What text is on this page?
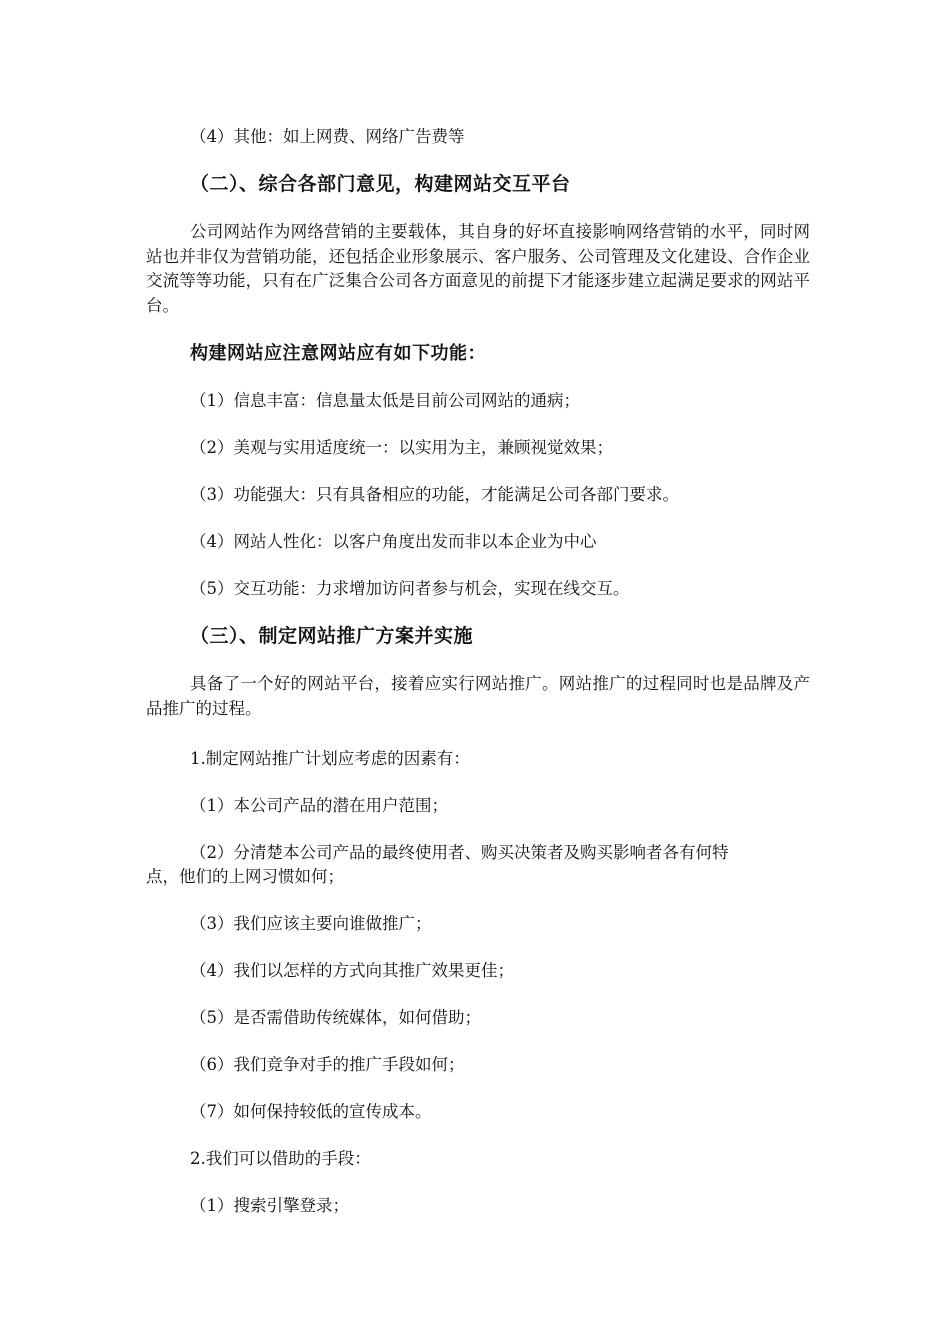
（4）其他：如上网费、网络广告费等
（二）、综合各部门意见，构建网站交互平台
公司网站作为网络营销的主要载体，其自身的好坏直接影响网络营销的水平，同时网站也并非仅为营销功能，还包括企业形象展示、客户服务、公司管理及文化建设、合作企业交流等等功能，只有在广泛集合公司各方面意见的前提下才能逐步建立起满足要求的网站平台。
构建网站应注意网站应有如下功能：
（1）信息丰富：信息量太低是目前公司网站的通病；
（2）美观与实用适度统一：以实用为主，兼顾视觉效果；
（3）功能强大：只有具备相应的功能，才能满足公司各部门要求。
（4）网站人性化：以客户角度出发而非以本企业为中心
（5）交互功能：力求增加访问者参与机会，实现在线交互。
（三）、制定网站推广方案并实施
具备了一个好的网站平台，接着应实行网站推广。网站推广的过程同时也是品牌及产品推广的过程。
1.制定网站推广计划应考虑的因素有：
（1）本公司产品的潜在用户范围；
（2）分清楚本公司产品的最终使用者、购买决策者及购买影响者各有何特
点，他们的上网习惯如何；
（3）我们应该主要向谁做推广；
（4）我们以怎样的方式向其推广效果更佳；
（5）是否需借助传统媒体，如何借助；
（6）我们竞争对手的推广手段如何；
（7）如何保持较低的宣传成本。
2.我们可以借助的手段：
（1）搜索引擎登录；
